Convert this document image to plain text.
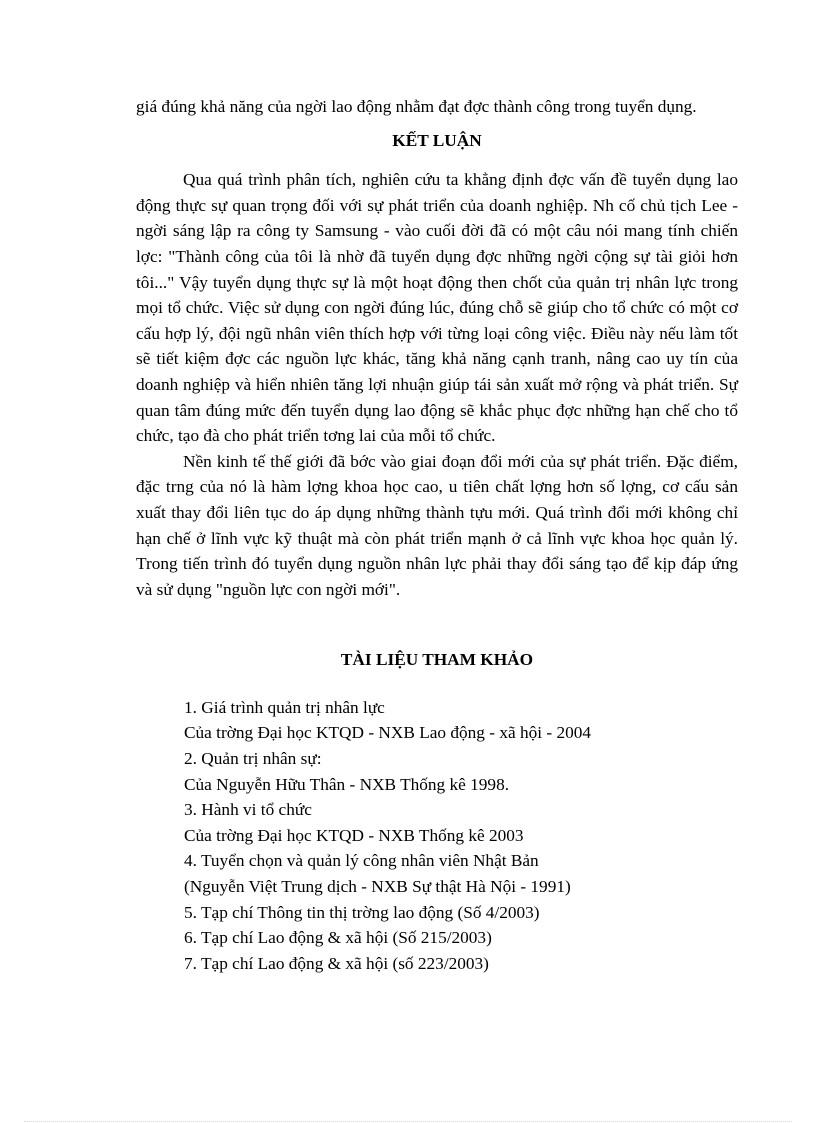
giá đúng khả năng của ngời lao động nhằm đạt đợc thành công trong tuyển dụng.

KẾT LUẬN

Qua quá trình phân tích, nghiên cứu ta khẳng định đợc vấn đề tuyển dụng lao động thực sự quan trọng đối với sự phát triển của doanh nghiệp. Nh cố chủ tịch Lee - ngời sáng lập ra công ty Samsung - vào cuối đời đã có một câu nói mang tính chiến lợc: "Thành công của tôi là nhờ đã tuyển dụng đợc những ngời cộng sự tài giỏi hơn tôi..." Vậy tuyển dụng thực sự là một hoạt động then chốt của quản trị nhân lực trong mọi tổ chức. Việc sử dụng con ngời đúng lúc, đúng chỗ sẽ giúp cho tổ chức có một cơ cấu hợp lý, đội ngũ nhân viên thích hợp với từng loại công việc. Điều này nếu làm tốt sẽ tiết kiệm đợc các nguồn lực khác, tăng khả năng cạnh tranh, nâng cao uy tín của doanh nghiệp và hiển nhiên tăng lợi nhuận giúp tái sản xuất mở rộng và phát triển. Sự quan tâm đúng mức đến tuyển dụng lao động sẽ khắc phục đợc những hạn chế cho tổ chức, tạo đà cho phát triển tơng lai của mỗi tổ chức.

Nền kinh tế thế giới đã bớc vào giai đoạn đổi mới của sự phát triển. Đặc điểm, đặc trng của nó là hàm lợng khoa học cao, u tiên chất lợng hơn số lợng, cơ cấu sản xuất thay đổi liên tục do áp dụng những thành tựu mới. Quá trình đổi mới không chỉ hạn chế ở lĩnh vực kỹ thuật mà còn phát triển mạnh ở cả lĩnh vực khoa học quản lý. Trong tiến trình đó tuyển dụng nguồn nhân lực phải thay đổi sáng tạo để kịp đáp ứng và sử dụng "nguồn lực con ngời mới".

TÀI LIỆU THAM KHẢO
1. Giá trình quản trị nhân lực
Của trờng Đại học KTQD - NXB Lao động - xã hội - 2004
2. Quản trị nhân sự:
Của Nguyễn Hữu Thân - NXB Thống kê 1998.
3. Hành vi tổ chức
Của trờng Đại học KTQD - NXB Thống kê 2003
4. Tuyển chọn và quản lý công nhân viên Nhật Bản
(Nguyễn Việt Trung dịch - NXB Sự thật Hà Nội - 1991)
5. Tạp chí Thông tin thị trờng lao động (Số 4/2003)
6. Tạp chí Lao động & xã hội (Số 215/2003)
7. Tạp chí Lao động & xã hội (số 223/2003)
